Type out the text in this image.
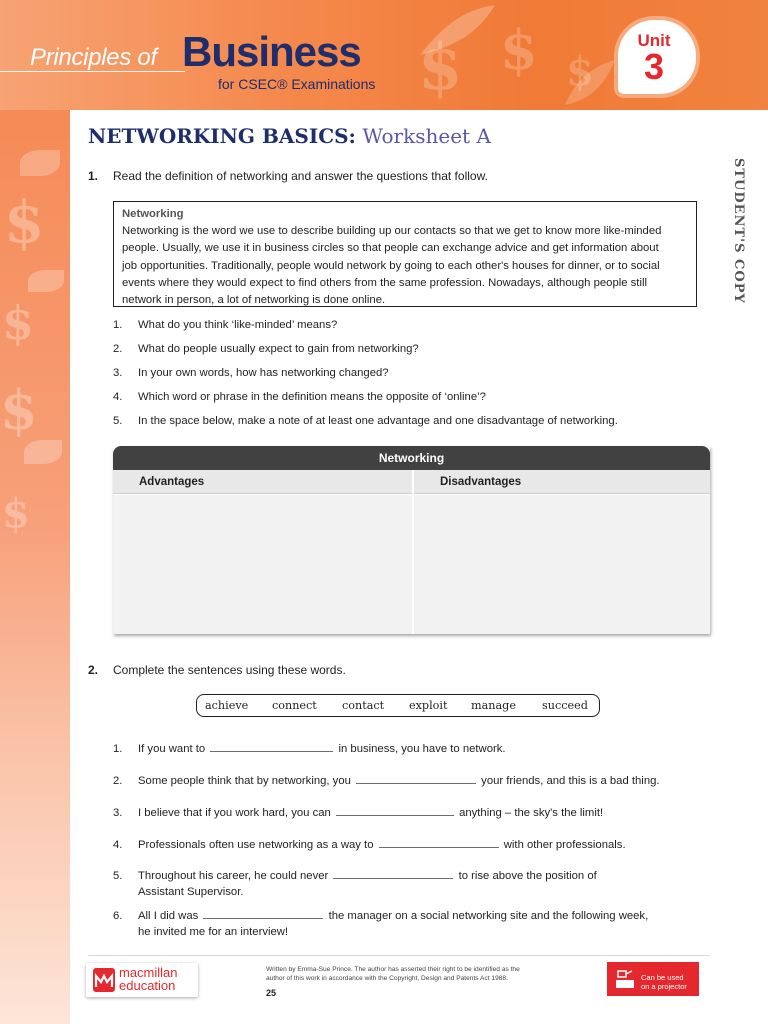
$ $ $
Principles of Business
for CSEC® Examinations
Unit
3
$
$
$
$
NETWORKING BASICS: Worksheet A
STUDENT'S COPY
1. Read the definition of networking and answer the questions that follow.
Networking
Networking is the word we use to describe building up our contacts so that we get to know more like-minded
people. Usually, we use it in business circles so that people can exchange advice and get information about
job opportunities. Traditionally, people would network by going to each other's houses for dinner, or to social
events where they would expect to find others from the same profession. Nowadays, although people still
network in person, a lot of networking is done online.
1. What do you think ‘like-minded’ means?
2. What do people usually expect to gain from networking?
3. In your own words, how has networking changed?
4. Which word or phrase in the definition means the opposite of ‘online’?
5. In the space below, make a note of at least one advantage and one disadvantage of networking.
Networking
Advantages	Disadvantages
2. Complete the sentences using these words.
achieve connect contact exploit manage succeed
1. If you want to	in business, you have to network.
2. Some people think that by networking, you	your friends, and this is a bad thing.
3. I believe that if you work hard, you can	anything – the sky's the limit!
4. Professionals often use networking as a way to	with other professionals.
5. Throughout his career, he could never	to rise above the position of
Assistant Supervisor.
6. All I did was	the manager on a social networking site and the following week,
he invited me for an interview!
macmillan
education
Written by Emma-Sue Prince. The author has asserted their right to be identified as the
author of this work in accordance with the Copyright, Design and Patents Act 1988.
25
Can be used
on a projector
